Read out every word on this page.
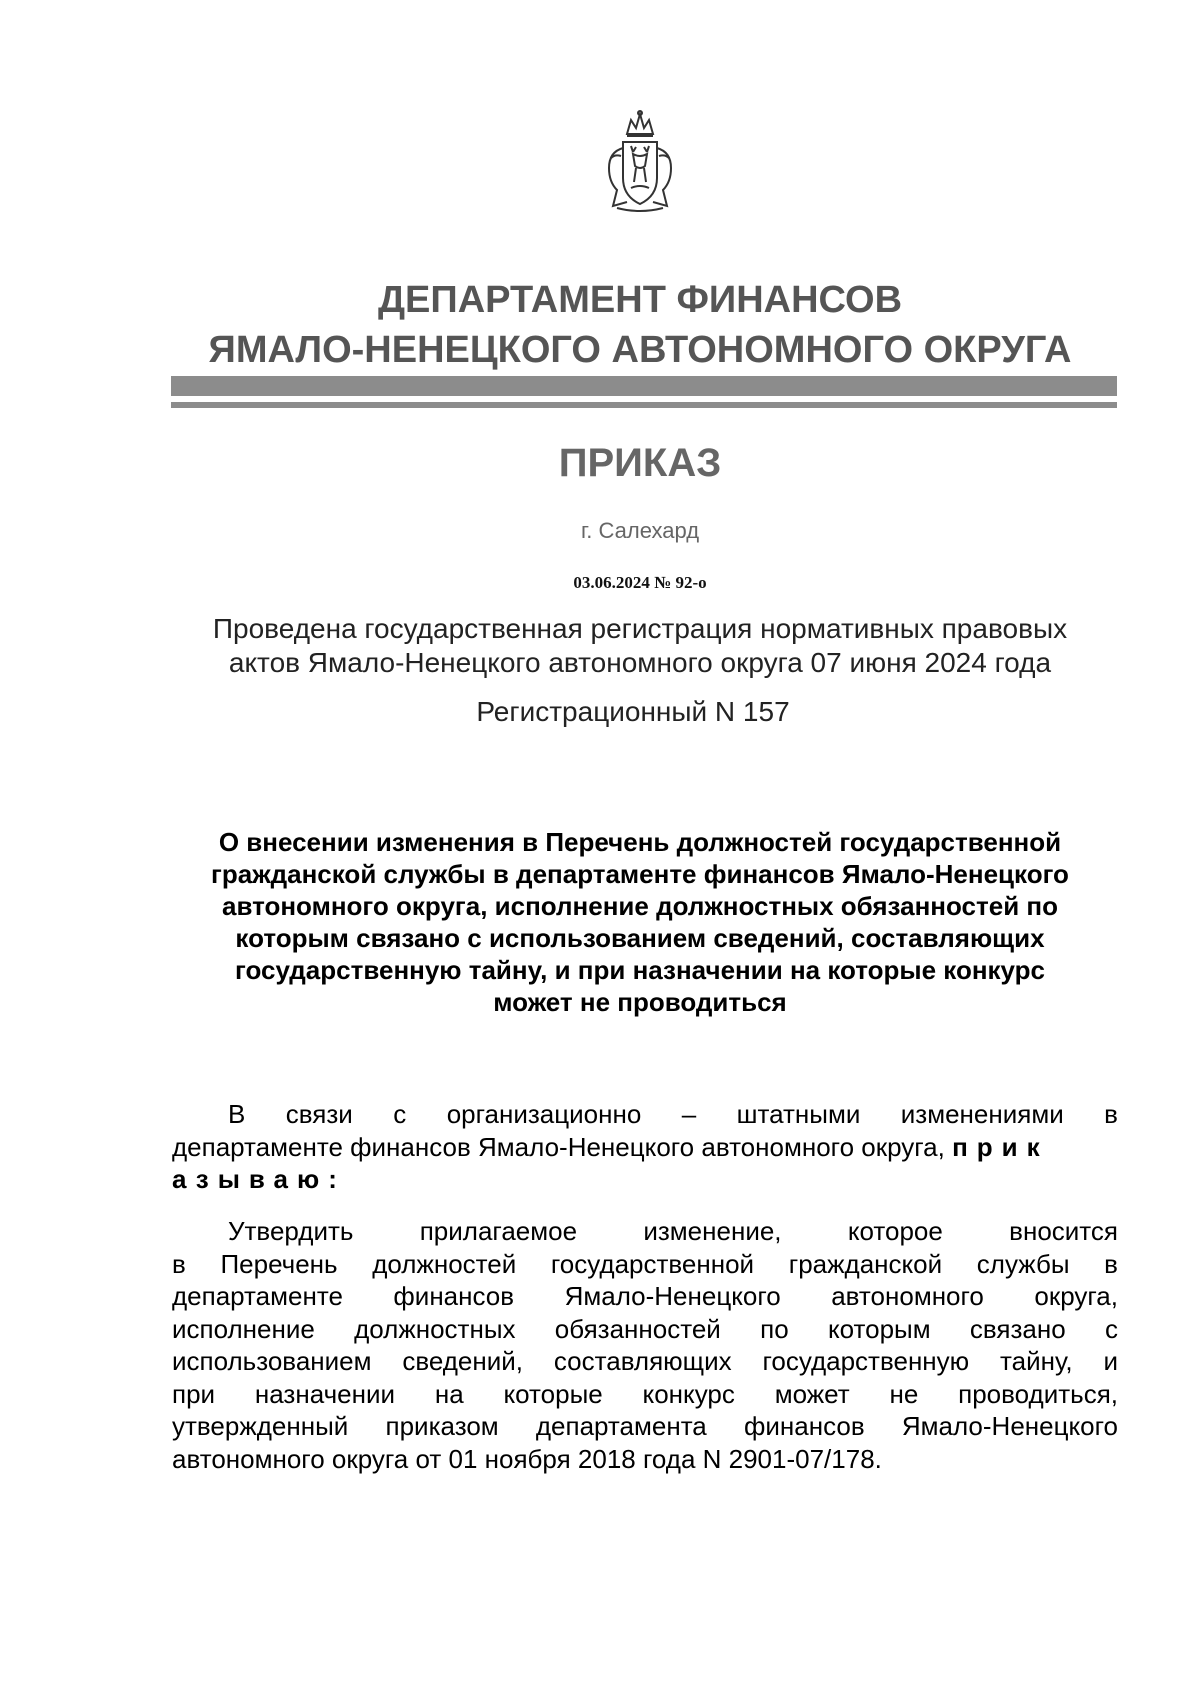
ДЕПАРТАМЕНТ ФИНАНСОВ
ЯМАЛО-НЕНЕЦКОГО АВТОНОМНОГО ОКРУГА
ПРИКАЗ
г. Салехард
03.06.2024 № 92-о
Проведена государственная регистрация нормативных правовых
актов Ямало-Ненецкого автономного округа 07 июня 2024 года
Регистрационный N 157
О внесении изменения в Перечень должностей государственной
гражданской службы в департаменте финансов Ямало-Ненецкого
автономного округа, исполнение должностных обязанностей по
которым связано с использованием сведений, составляющих
государственную тайну, и при назначении на которые конкурс
может не проводиться
В связи с организационно – штатными изменениями в
департаменте финансов Ямало-Ненецкого автономного округа, прик
азываю:
Утвердить прилагаемое изменение, которое вносится
в Перечень должностей государственной гражданской службы в
департаменте финансов Ямало-Ненецкого автономного округа,
исполнение должностных обязанностей по которым связано с
использованием сведений, составляющих государственную тайну, и
при назначении на которые конкурс может не проводиться,
утвержденный приказом департамента финансов Ямало-Ненецкого
автономного округа от 01 ноября 2018 года N 2901-07/178.
